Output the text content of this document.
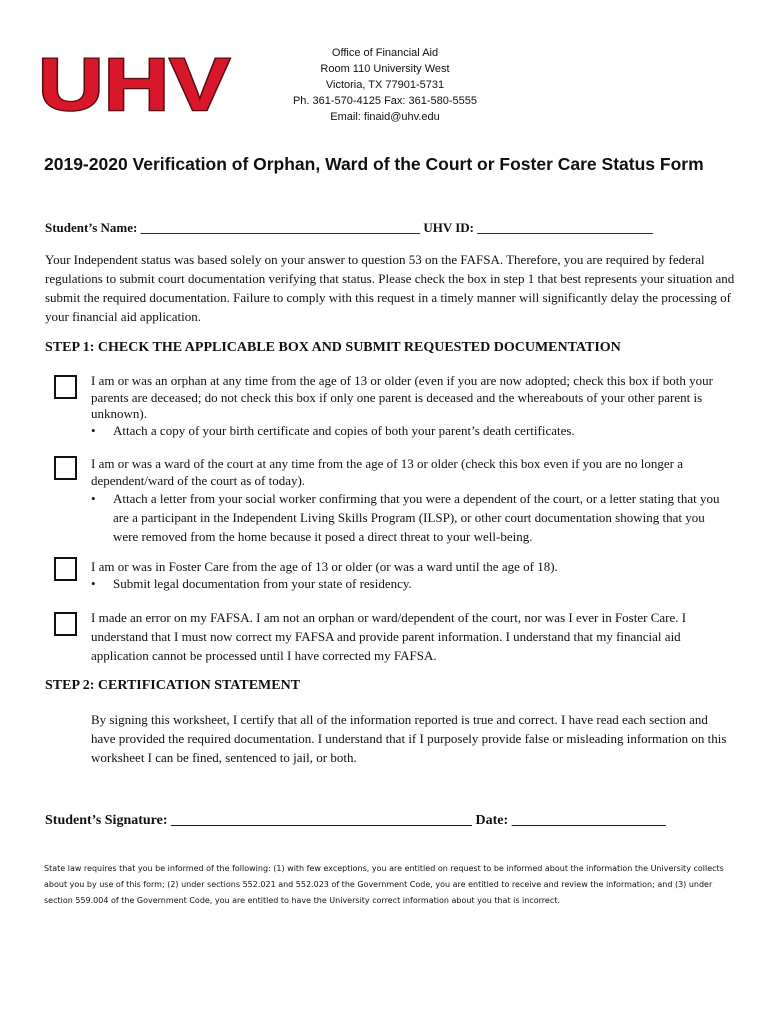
UHV	Office of Financial Aid
Room 110 University West
Victoria, TX 77901-5731
Ph. 361-570-4125 Fax: 361-580-5555
Email: finaid@uhv.edu
2019-2020 Verification of Orphan, Ward of the Court or Foster Care Status Form
Student’s Name: ___________________________________________ UHV ID: ___________________________

Your Independent status was based solely on your answer to question 53 on the FAFSA. Therefore, you are required by federal regulations to submit court documentation verifying that status. Please check the box in step 1 that best represents your situation and submit the required documentation. Failure to comply with this request in a timely manner will significantly delay the processing of your financial aid application.

STEP 1: CHECK THE APPLICABLE BOX AND SUBMIT REQUESTED DOCUMENTATION

I am or was an orphan at any time from the age of 13 or older (even if you are now adopted; check this box if both your parents are deceased; do not check this box if only one parent is deceased and the whereabouts of your other parent is unknown).

• Attach a copy of your birth certificate and copies of both your parent’s death certificates.

I am or was a ward of the court at any time from the age of 13 or older (check this box even if you are no longer a dependent/ward of the court as of today).

• Attach a letter from your social worker confirming that you were a dependent of the court, or a letter stating that you are a participant in the Independent Living Skills Program (ILSP), or other court documentation showing that you were removed from the home because it posed a direct threat to your well-being.

I am or was in Foster Care from the age of 13 or older (or was a ward until the age of 18).

• Submit legal documentation from your state of residency.

I made an error on my FAFSA. I am not an orphan or ward/dependent of the court, nor was I ever in Foster Care. I understand that I must now correct my FAFSA and provide parent information. I understand that my financial aid application cannot be processed until I have corrected my FAFSA.

STEP 2: CERTIFICATION STATEMENT

By signing this worksheet, I certify that all of the information reported is true and correct. I have read each section and have provided the required documentation. I understand that if I purposely provide false or misleading information on this worksheet I can be fined, sentenced to jail, or both.

Student’s Signature: ___________________________________________ Date: ______________________

State law requires that you be informed of the following: (1) with few exceptions, you are entitled on request to be informed about the information the University collects about you by use of this form; (2) under sections 552.021 and 552.023 of the Government Code, you are entitled to receive and review the information; and (3) under section 559.004 of the Government Code, you are entitled to have the University correct information about you that is incorrect.
